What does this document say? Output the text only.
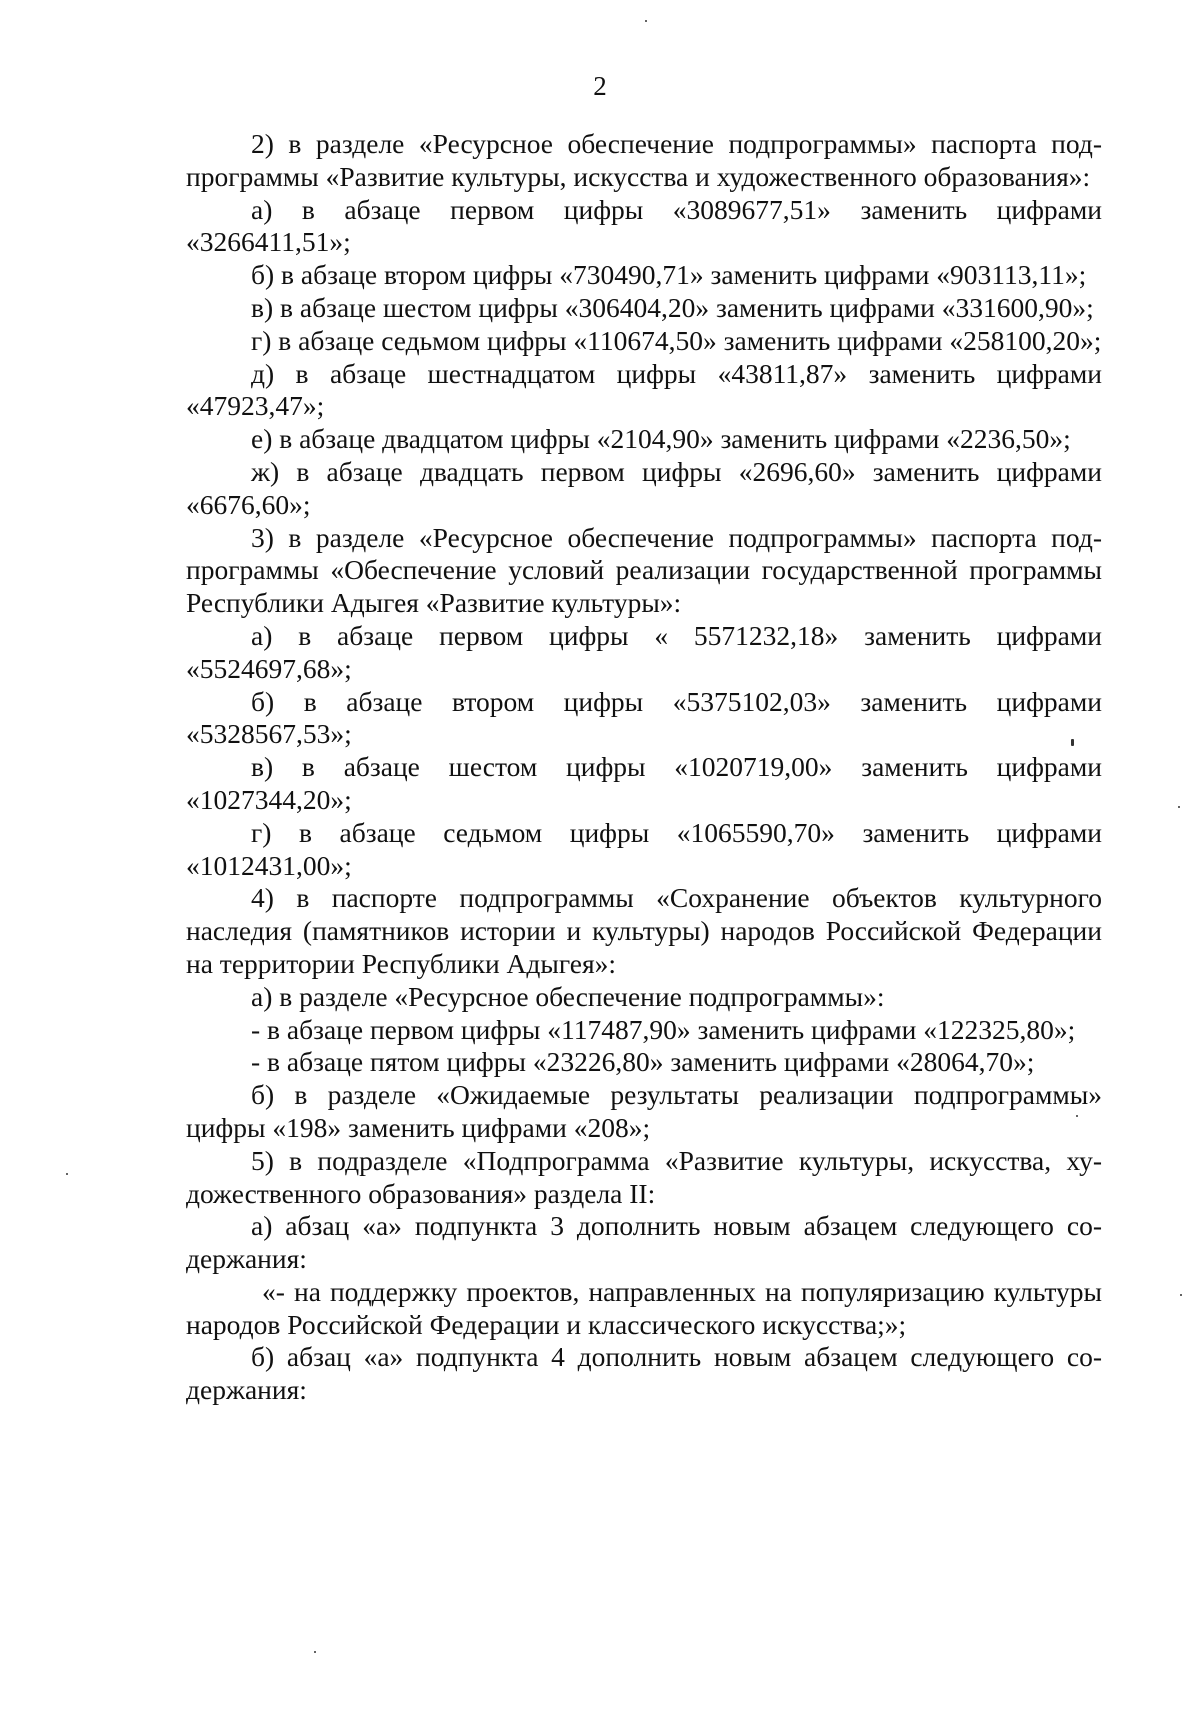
2

2) в разделе «Ресурсное обеспечение подпрограммы» паспорта подпрограммы «Развитие культуры, искусства и художественного образования»:

а) в абзаце первом цифры «3089677,51» заменить цифрами «3266411,51»;

б) в абзаце втором цифры «730490,71» заменить цифрами «903113,11»;

в) в абзаце шестом цифры «306404,20» заменить цифрами «331600,90»;

г) в абзаце седьмом цифры «110674,50» заменить цифрами «258100,20»;

д) в абзаце шестнадцатом цифры «43811,87» заменить цифрами «47923,47»;

е) в абзаце двадцатом цифры «2104,90» заменить цифрами «2236,50»;

ж) в абзаце двадцать первом цифры «2696,60» заменить цифрами «6676,60»;

3) в разделе «Ресурсное обеспечение подпрограммы» паспорта подпрограммы «Обеспечение условий реализации государственной программы Республики Адыгея «Развитие культуры»:

а) в абзаце первом цифры « 5571232,18» заменить цифрами «5524697,68»;

б) в абзаце втором цифры «5375102,03» заменить цифрами «5328567,53»;

в) в абзаце шестом цифры «1020719,00» заменить цифрами «1027344,20»;

г) в абзаце седьмом цифры «1065590,70» заменить цифрами «1012431,00»;

4) в паспорте подпрограммы «Сохранение объектов культурного наследия (памятников истории и культуры) народов Российской Федерации на территории Республики Адыгея»:

а) в разделе «Ресурсное обеспечение подпрограммы»:

- в абзаце первом цифры «117487,90» заменить цифрами «122325,80»;

- в абзаце пятом цифры «23226,80» заменить цифрами «28064,70»;

б) в разделе «Ожидаемые результаты реализации подпрограммы» цифры «198» заменить цифрами «208»;

5) в подразделе «Подпрограмма «Развитие культуры, искусства, художественного образования» раздела II:

а) абзац «а» подпункта 3 дополнить новым абзацем следующего содержания:

«- на поддержку проектов, направленных на популяризацию культуры народов Российской Федерации и классического искусства;»;

б) абзац «а» подпункта 4 дополнить новым абзацем следующего содержания:
